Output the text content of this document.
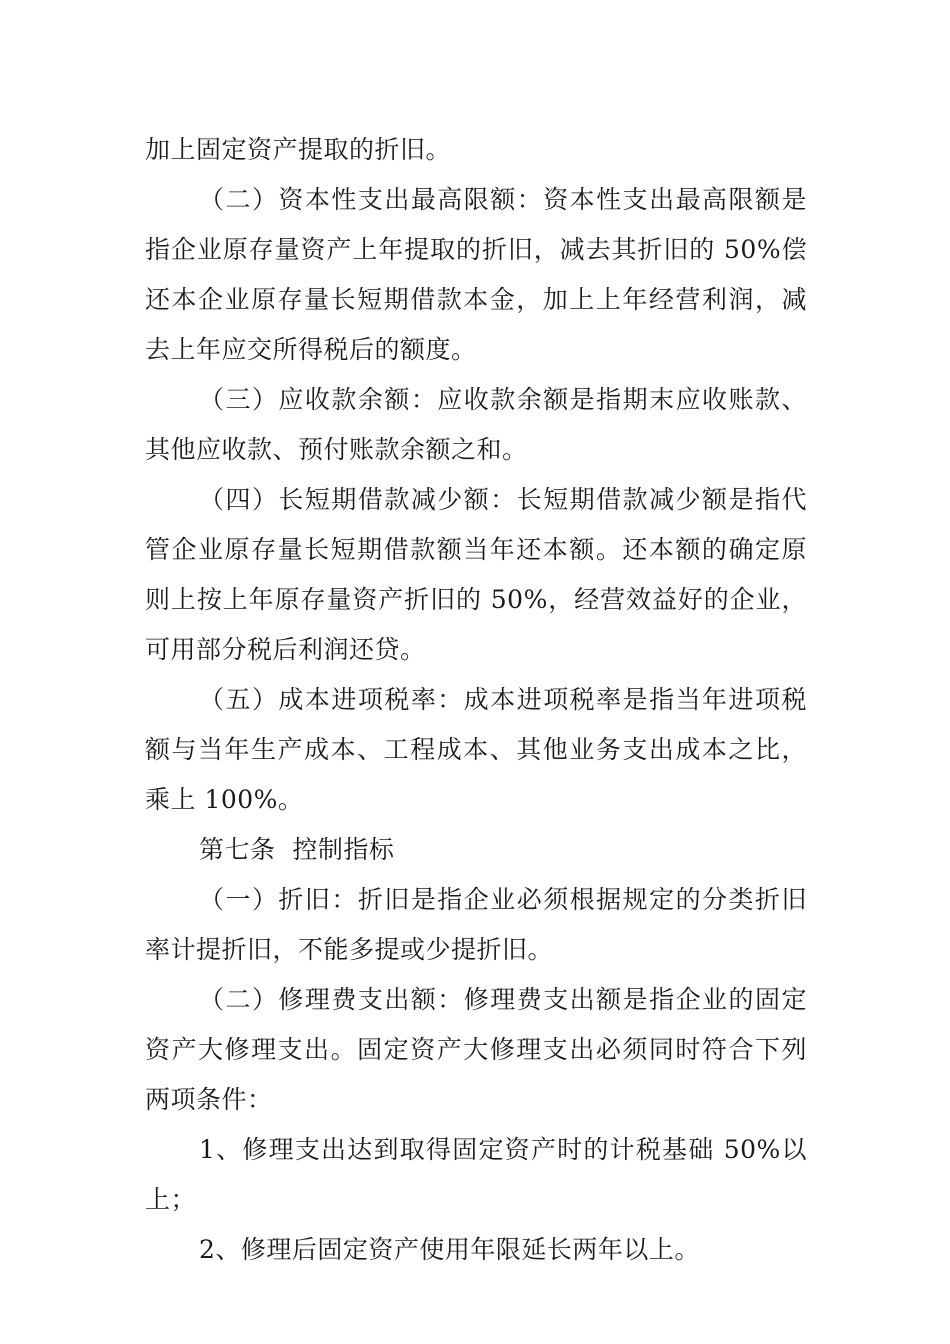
加上固定资产提取的折旧。

（二）资本性支出最高限额：资本性支出最高限额是指企业原存量资产上年提取的折旧，减去其折旧的 50%偿还本企业原存量长短期借款本金，加上上年经营利润，减去上年应交所得税后的额度。

（三）应收款余额：应收款余额是指期末应收账款、其他应收款、预付账款余额之和。

（四）长短期借款减少额：长短期借款减少额是指代管企业原存量长短期借款额当年还本额。还本额的确定原则上按上年原存量资产折旧的 50%，经营效益好的企业，可用部分税后利润还贷。

（五）成本进项税率：成本进项税率是指当年进项税额与当年生产成本、工程成本、其他业务支出成本之比，乘上 100%。

第七条  控制指标

（一）折旧：折旧是指企业必须根据规定的分类折旧率计提折旧，不能多提或少提折旧。

（二）修理费支出额：修理费支出额是指企业的固定资产大修理支出。固定资产大修理支出必须同时符合下列两项条件：

1、修理支出达到取得固定资产时的计税基础 50%以上；

2、修理后固定资产使用年限延长两年以上。
